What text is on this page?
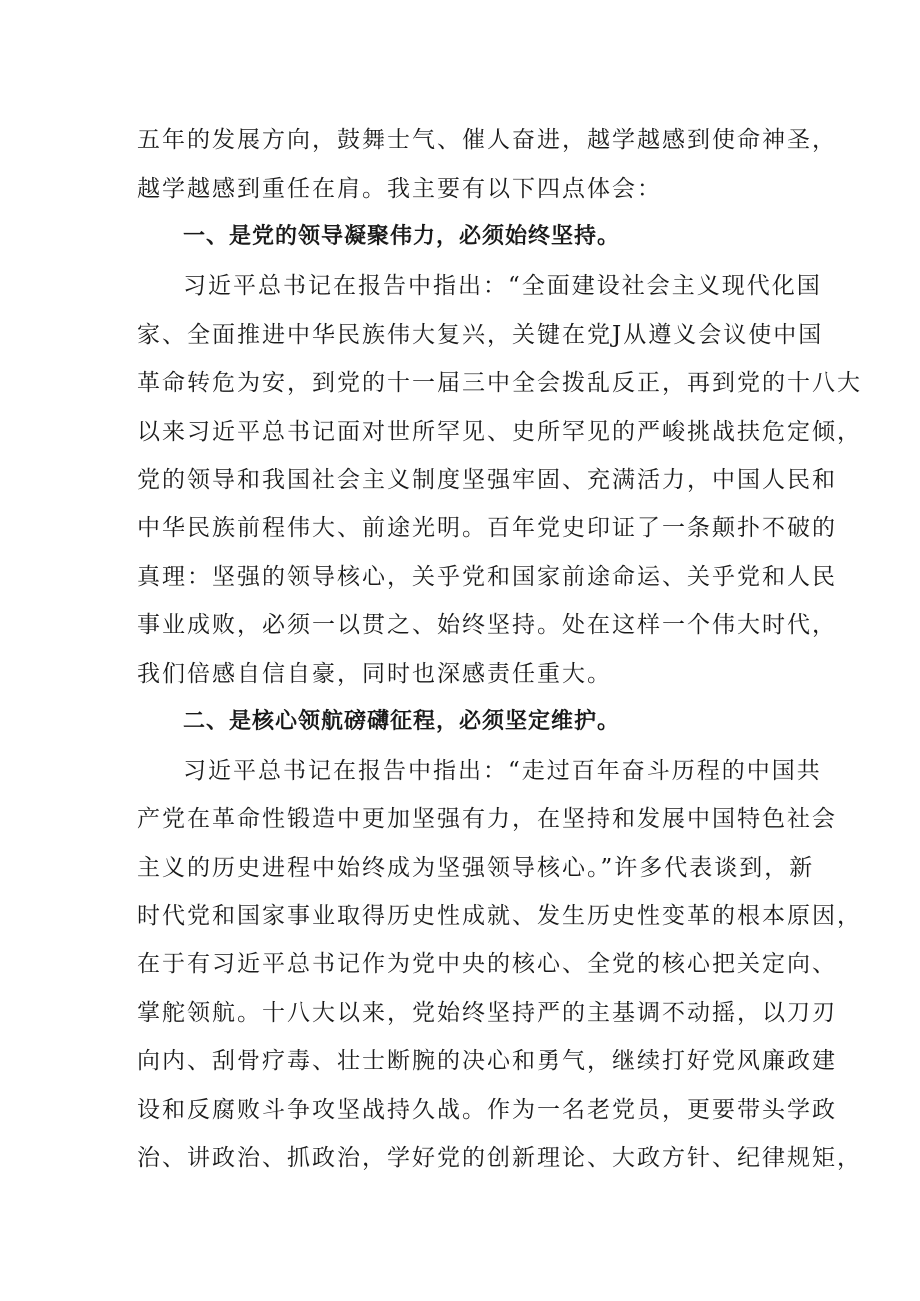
五年的发展方向，鼓舞士气、催人奋进，越学越感到使命神圣，
越学越感到重任在肩。我主要有以下四点体会：
一、是党的领导凝聚伟力，必须始终坚持。
习近平总书记在报告中指出：“全面建设社会主义现代化国
家、全面推进中华民族伟大复兴，关键在党J从遵义会议使中国
革命转危为安，到党的十一届三中全会拨乱反正，再到党的十八大
以来习近平总书记面对世所罕见、史所罕见的严峻挑战扶危定倾，
党的领导和我国社会主义制度坚强牢固、充满活力，中国人民和
中华民族前程伟大、前途光明。百年党史印证了一条颠扑不破的
真理：坚强的领导核心，关乎党和国家前途命运、关乎党和人民
事业成败，必须一以贯之、始终坚持。处在这样一个伟大时代，
我们倍感自信自豪，同时也深感责任重大。
二、是核心领航磅礴征程，必须坚定维护。
习近平总书记在报告中指出：“走过百年奋斗历程的中国共
产党在革命性锻造中更加坚强有力，在坚持和发展中国特色社会
主义的历史进程中始终成为坚强领导核心。”许多代表谈到，新
时代党和国家事业取得历史性成就、发生历史性变革的根本原因，
在于有习近平总书记作为党中央的核心、全党的核心把关定向、
掌舵领航。十八大以来，党始终坚持严的主基调不动摇，以刀刃
向内、刮骨疗毒、壮士断腕的决心和勇气，继续打好党风廉政建
设和反腐败斗争攻坚战持久战。作为一名老党员，更要带头学政
治、讲政治、抓政治，学好党的创新理论、大政方针、纪律规矩，
